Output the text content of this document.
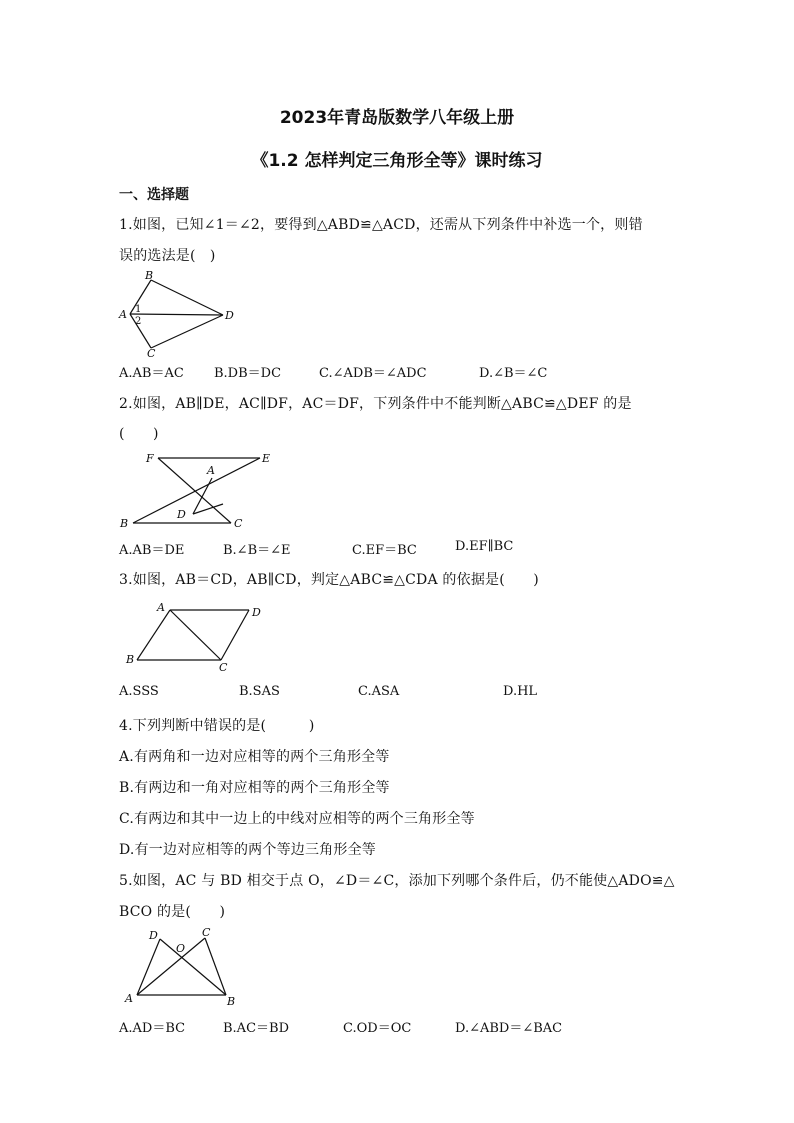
2023年青岛版数学八年级上册
《1.2 怎样判定三角形全等》课时练习
一、选择题
1.如图，已知∠1＝∠2，要得到△ABD≌△ACD，还需从下列条件中补选一个，则错
误的选法是(　)
B
A
C
D
1
2
A.AB＝AC B.DB＝DC	C.∠ADB＝∠ADC	D.∠B＝∠C
2.如图，AB∥DE，AC∥DF，AC＝DF，下列条件中不能判断△ABC≌△DEF 的是
(　　)
F	E
A
D
B	C
A.AB＝DE	B.∠B＝∠E	C.EF＝BC	D.EF∥BC
3.如图，AB＝CD，AB∥CD，判定△ABC≌△CDA 的依据是(　　)
A	D
B
C
A.SSS	B.SAS	C.ASA	D.HL
4.下列判断中错误的是(　　　)
A.有两角和一边对应相等的两个三角形全等
B.有两边和一角对应相等的两个三角形全等
C.有两边和其中一边上的中线对应相等的两个三角形全等
D.有一边对应相等的两个等边三角形全等
5.如图，AC 与 BD 相交于点 O，∠D＝∠C，添加下列哪个条件后，仍不能使△ADO≌△
BCO 的是(　　)
D
O
C
A	B
A.AD＝BC	B.AC＝BD	C.OD＝OC	D.∠ABD＝∠BAC
